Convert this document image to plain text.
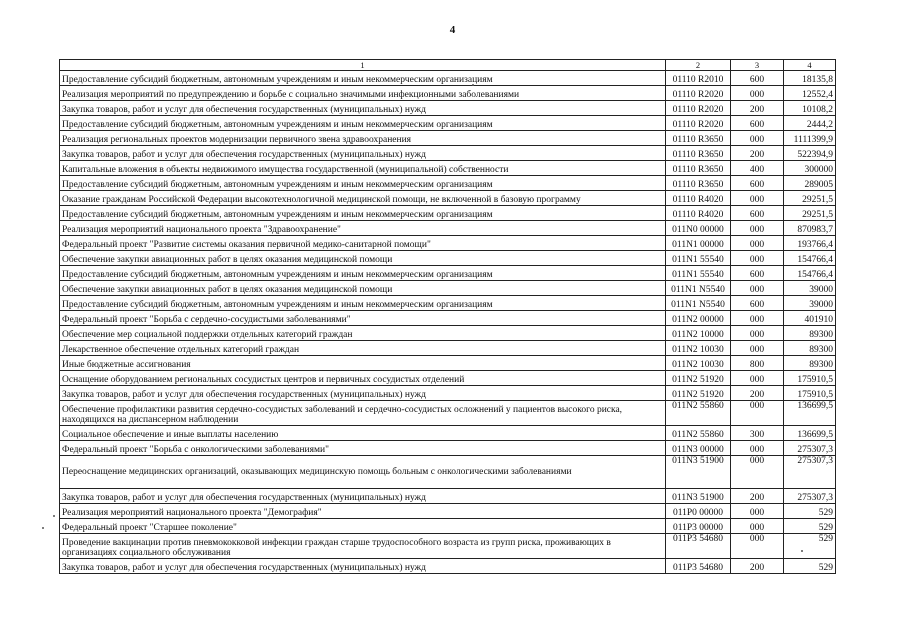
4
1	2	3	4
Предоставление субсидий бюджетным, автономным учреждениям и иным некоммерческим организациям	01110 R2010	600	18135,8
Реализация мероприятий по предупреждению и борьбе с социально значимыми инфекционными заболеваниями	01110 R2020	000	12552,4
Закупка товаров, работ и услуг для обеспечения государственных (муниципальных) нужд	01110 R2020	200	10108,2
Предоставление субсидий бюджетным, автономным учреждениям и иным некоммерческим организациям	01110 R2020	600	2444,2
Реализация региональных проектов модернизации первичного звена здравоохранения	01110 R3650	000	1111399,9
Закупка товаров, работ и услуг для обеспечения государственных (муниципальных) нужд	01110 R3650	200	522394,9
Капитальные вложения в объекты недвижимого имущества государственной (муниципальной) собственности	01110 R3650	400	300000
Предоставление субсидий бюджетным, автономным учреждениям и иным некоммерческим организациям	01110 R3650	600	289005
Оказание гражданам Российской Федерации высокотехнологичной медицинской помощи, не включенной в базовую программу	01110 R4020	000	29251,5
Предоставление субсидий бюджетным, автономным учреждениям и иным некоммерческим организациям	01110 R4020	600	29251,5
Реализация мероприятий национального проекта "Здравоохранение"	011N0 00000	000	870983,7
Федеральный проект "Развитие системы оказания первичной медико-санитарной помощи"	011N1 00000	000	193766,4
Обеспечение закупки авиационных работ в целях оказания медицинской помощи	011N1 55540	000	154766,4
Предоставление субсидий бюджетным, автономным учреждениям и иным некоммерческим организациям	011N1 55540	600	154766,4
Обеспечение закупки авиационных работ в целях оказания медицинской помощи	011N1 N5540	000	39000
Предоставление субсидий бюджетным, автономным учреждениям и иным некоммерческим организациям	011N1 N5540	600	39000
Федеральный проект "Борьба с сердечно-сосудистыми заболеваниями"	011N2 00000	000	401910
Обеспечение мер социальной поддержки отдельных категорий граждан	011N2 10000	000	89300
Лекарственное обеспечение отдельных категорий граждан	011N2 10030	000	89300
Иные бюджетные ассигнования	011N2 10030	800	89300
Оснащение оборудованием региональных сосудистых центров и первичных сосудистых отделений	011N2 51920	000	175910,5
Закупка товаров, работ и услуг для обеспечения государственных (муниципальных) нужд	011N2 51920	200	175910,5
Обеспечение профилактики развития сердечно-сосудистых заболеваний и сердечно-сосудистых осложнений у пациентов высокого риска, находящихся на диспансерном наблюдении	011N2 55860	000	136699,5
Социальное обеспечение и иные выплаты населению	011N2 55860	300	136699,5
Федеральный проект "Борьба с онкологическими заболеваниями"	011N3 00000	000	275307,3
Переоснащение медицинских организаций, оказывающих медицинскую помощь больным с онкологическими заболеваниями	011N3 51900	000	275307,3
Закупка товаров, работ и услуг для обеспечения государственных (муниципальных) нужд	011N3 51900	200	275307,3
Реализация мероприятий национального проекта "Демография"	011P0 00000	000	529
Федеральный проект "Старшее поколение"	011P3 00000	000	529
Проведение вакцинации против пневмококковой инфекции граждан старше трудоспособного возраста из групп риска, проживающих в организациях социального обслуживания	011P3 54680	000	529
Закупка товаров, работ и услуг для обеспечения государственных (муниципальных) нужд	011P3 54680	200	529
